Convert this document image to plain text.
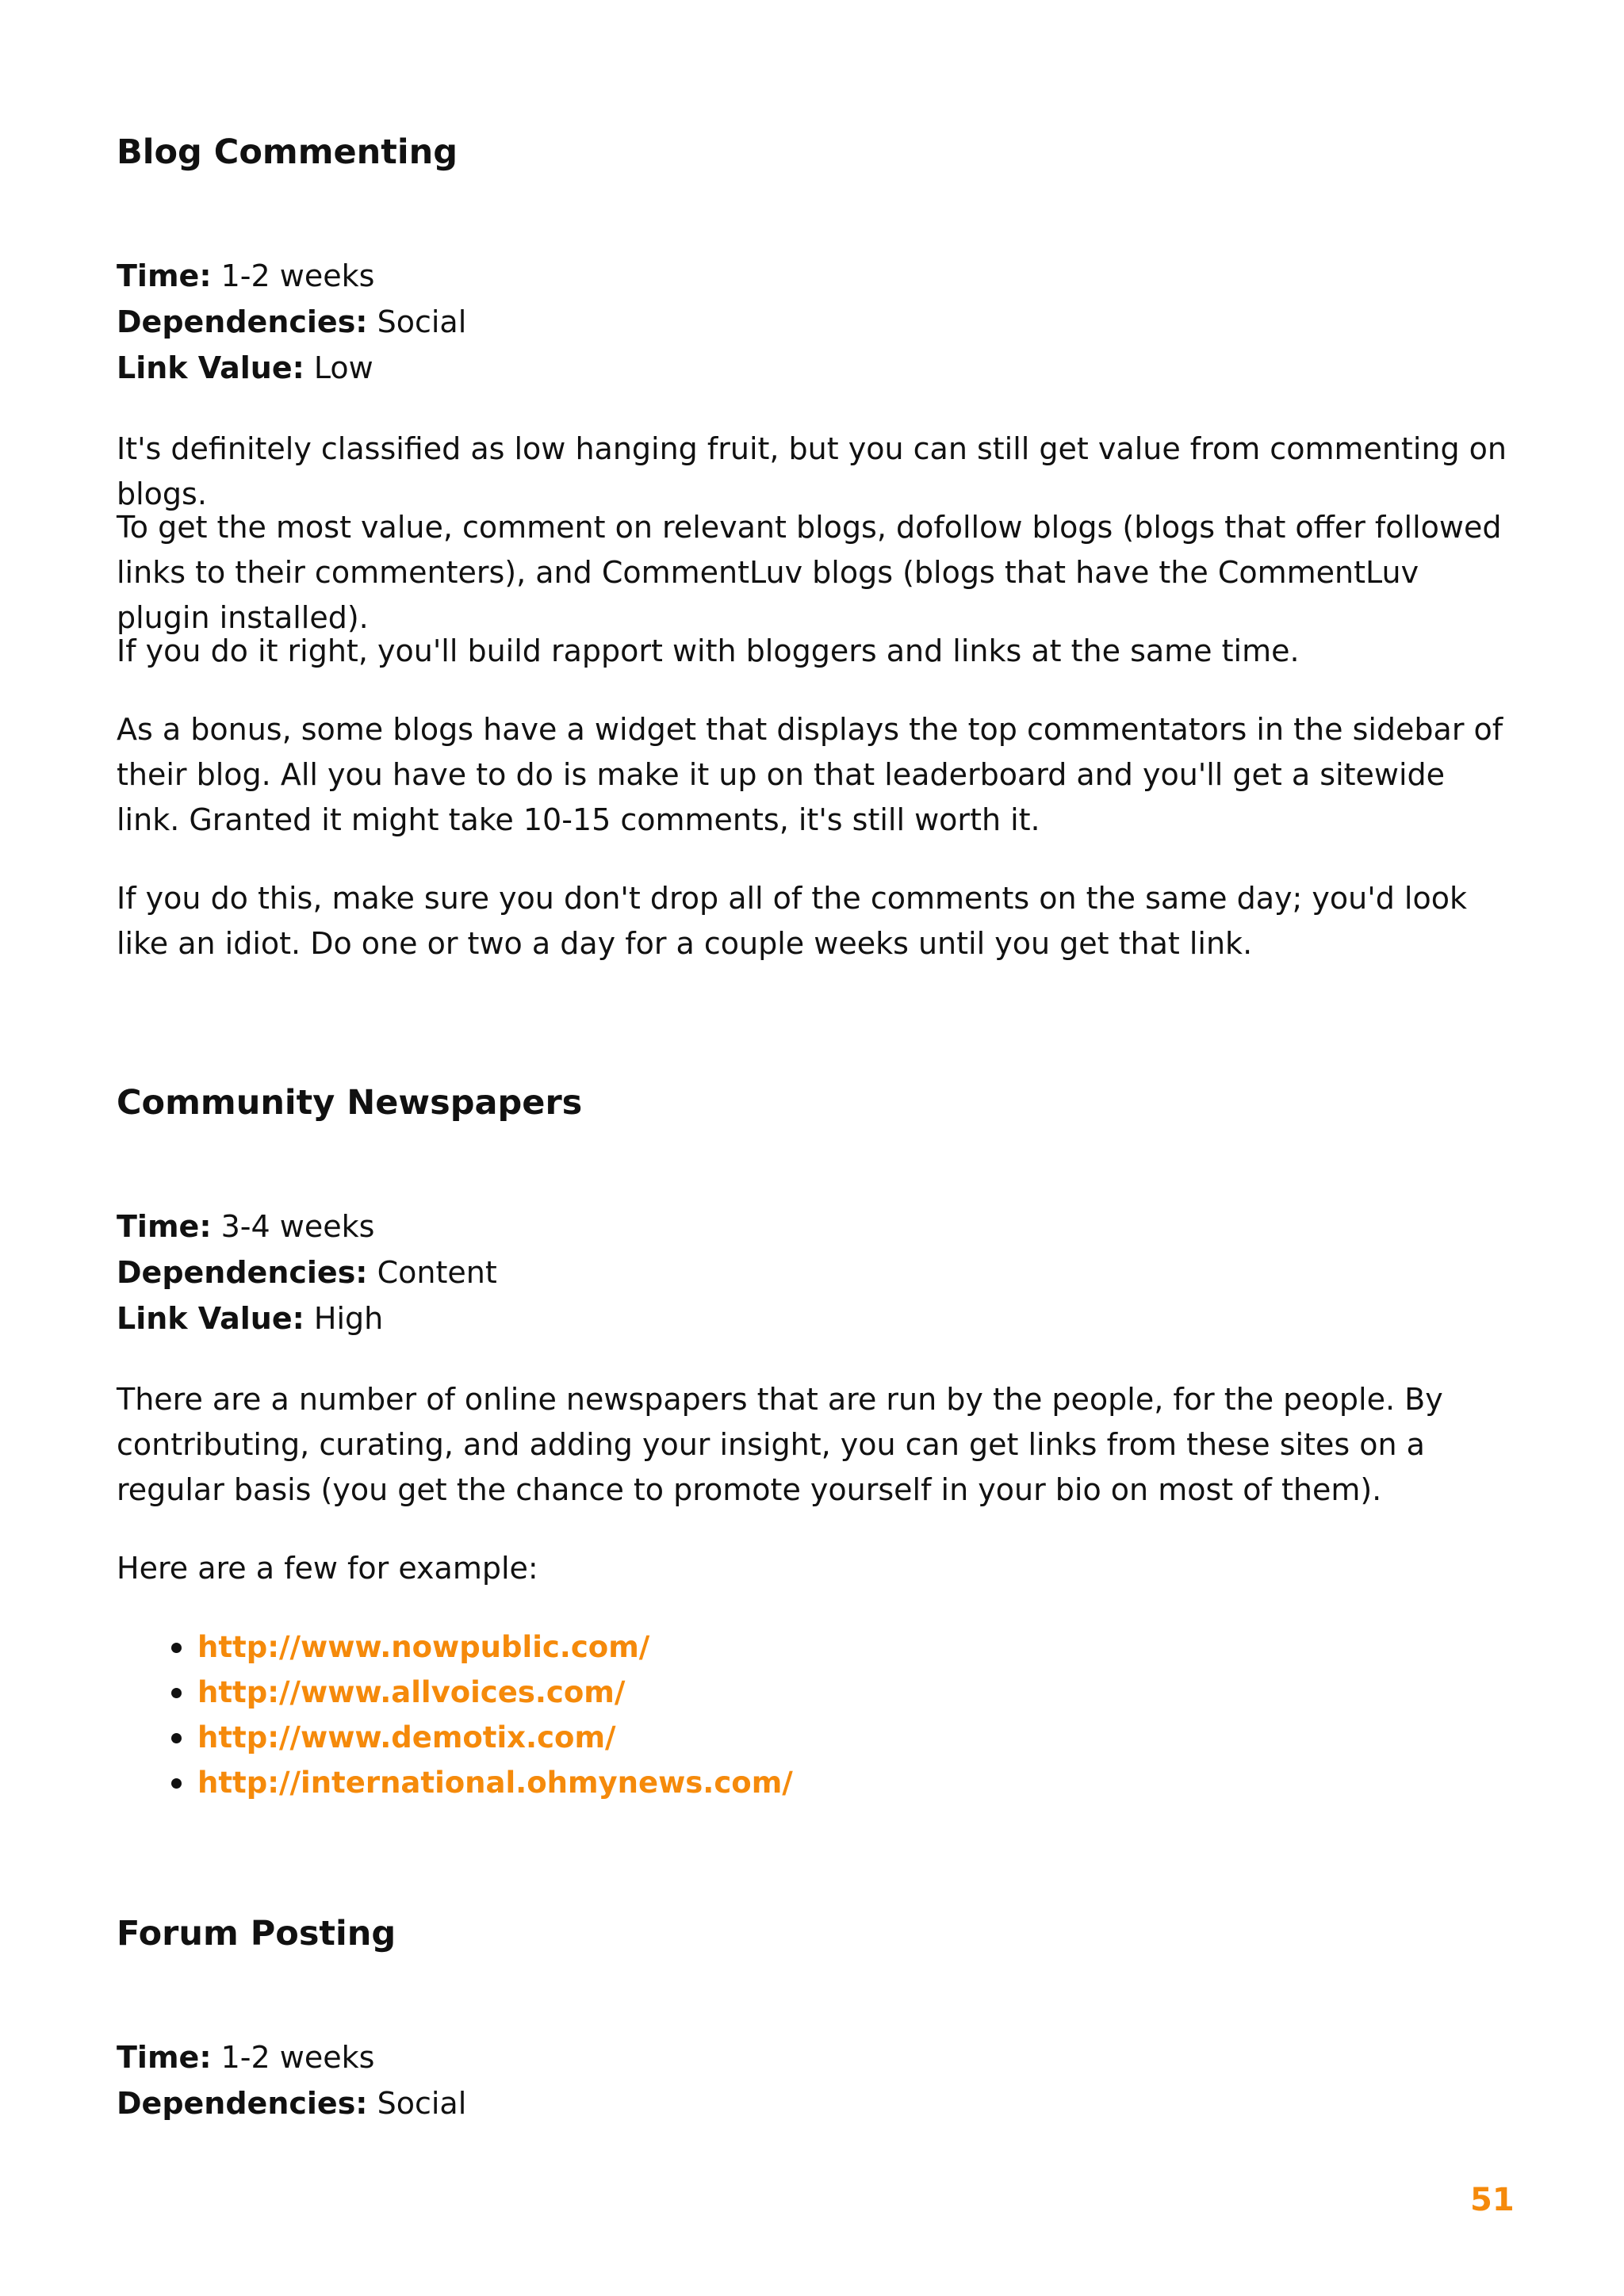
Blog Commenting
Time: 1-2 weeks
Dependencies: Social
Link Value: Low

It's definitely classified as low hanging fruit, but you can still get value from commenting on blogs.

To get the most value, comment on relevant blogs, dofollow blogs (blogs that offer followed links to their commenters), and CommentLuv blogs (blogs that have the CommentLuv plugin installed).

If you do it right, you'll build rapport with bloggers and links at the same time.

As a bonus, some blogs have a widget that displays the top commentators in the sidebar of their blog. All you have to do is make it up on that leaderboard and you'll get a sitewide link. Granted it might take 10-15 comments, it's still worth it.

If you do this, make sure you don't drop all of the comments on the same day; you'd look like an idiot. Do one or two a day for a couple weeks until you get that link.

Community Newspapers
Time: 3-4 weeks
Dependencies: Content
Link Value: High

There are a number of online newspapers that are run by the people, for the people. By contributing, curating, and adding your insight, you can get links from these sites on a regular basis (you get the chance to promote yourself in your bio on most of them).

Here are a few for example:

http://www.nowpublic.com/
http://www.allvoices.com/
http://www.demotix.com/
http://international.ohmynews.com/
Forum Posting
Time: 1-2 weeks
Dependencies: Social
51
